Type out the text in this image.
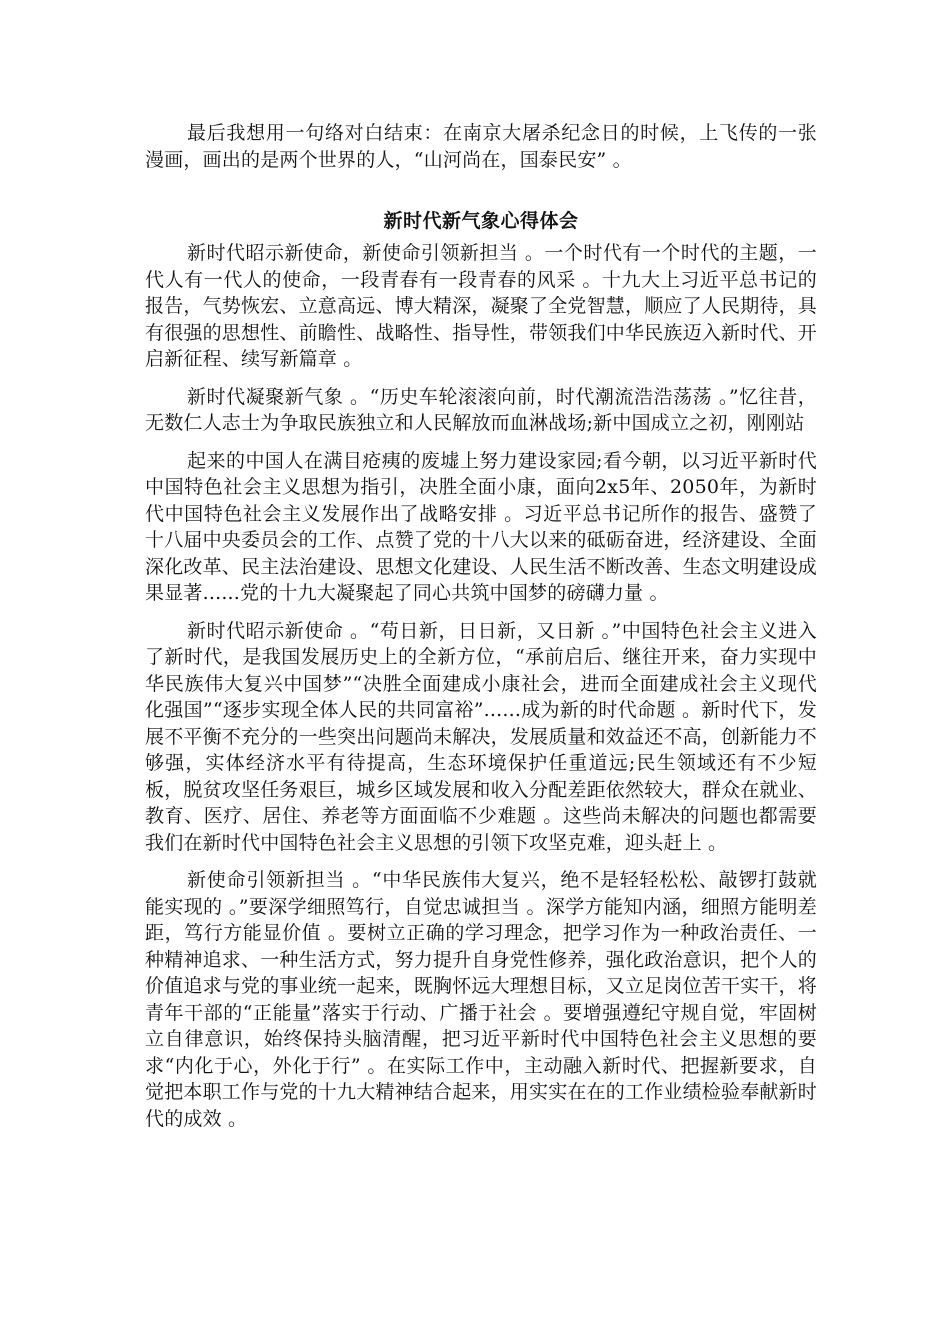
最后我想用一句络对白结束：在南京大屠杀纪念日的时候，上飞传的一张漫画，画出的是两个世界的人，“山河尚在，国泰民安” 。

新时代新气象心得体会

新时代昭示新使命，新使命引领新担当 。一个时代有一个时代的主题，一代人有一代人的使命，一段青春有一段青春的风采 。十九大上习近平总书记的报告，气势恢宏、立意高远、博大精深，凝聚了全党智慧，顺应了人民期待，具有很强的思想性、前瞻性、战略性、指导性，带领我们中华民族迈入新时代、开启新征程、续写新篇章 。

新时代凝聚新气象 。“历史车轮滚滚向前，时代潮流浩浩荡荡 。”忆往昔，无数仁人志士为争取民族独立和人民解放而血淋战场;新中国成立之初，刚刚站

起来的中国人在满目疮痍的废墟上努力建设家园;看今朝，以习近平新时代中国特色社会主义思想为指引，决胜全面小康，面向2x5年、2050年，为新时代中国特色社会主义发展作出了战略安排 。习近平总书记所作的报告、盛赞了十八届中央委员会的工作、点赞了党的十八大以来的砥砺奋进，经济建设、全面深化改革、民主法治建设、思想文化建设、人民生活不断改善、生态文明建设成果显著......党的十九大凝聚起了同心共筑中国梦的磅礴力量 。

新时代昭示新使命 。“苟日新，日日新，又日新 。”中国特色社会主义进入了新时代，是我国发展历史上的全新方位，“承前启后、继往开来，奋力实现中华民族伟大复兴中国梦”“决胜全面建成小康社会，进而全面建成社会主义现代化强国”“逐步实现全体人民的共同富裕”......成为新的时代命题 。新时代下，发展不平衡不充分的一些突出问题尚未解决，发展质量和效益还不高，创新能力不够强，实体经济水平有待提高，生态环境保护任重道远;民生领域还有不少短板，脱贫攻坚任务艰巨，城乡区域发展和收入分配差距依然较大，群众在就业、教育、医疗、居住、养老等方面面临不少难题 。这些尚未解决的问题也都需要我们在新时代中国特色社会主义思想的引领下攻坚克难，迎头赶上 。

新使命引领新担当 。“中华民族伟大复兴，绝不是轻轻松松、敲锣打鼓就能实现的 。”要深学细照笃行，自觉忠诚担当 。深学方能知内涵，细照方能明差距，笃行方能显价值 。要树立正确的学习理念，把学习作为一种政治责任、一种精神追求、一种生活方式，努力提升自身党性修养，强化政治意识，把个人的价值追求与党的事业统一起来，既胸怀远大理想目标，又立足岗位苦干实干，将青年干部的“正能量”落实于行动、广播于社会 。要增强遵纪守规自觉，牢固树立自律意识，始终保持头脑清醒，把习近平新时代中国特色社会主义思想的要求“内化于心，外化于行” 。在实际工作中，主动融入新时代、把握新要求，自觉把本职工作与党的十九大精神结合起来，用实实在在的工作业绩检验奉献新时代的成效 。
